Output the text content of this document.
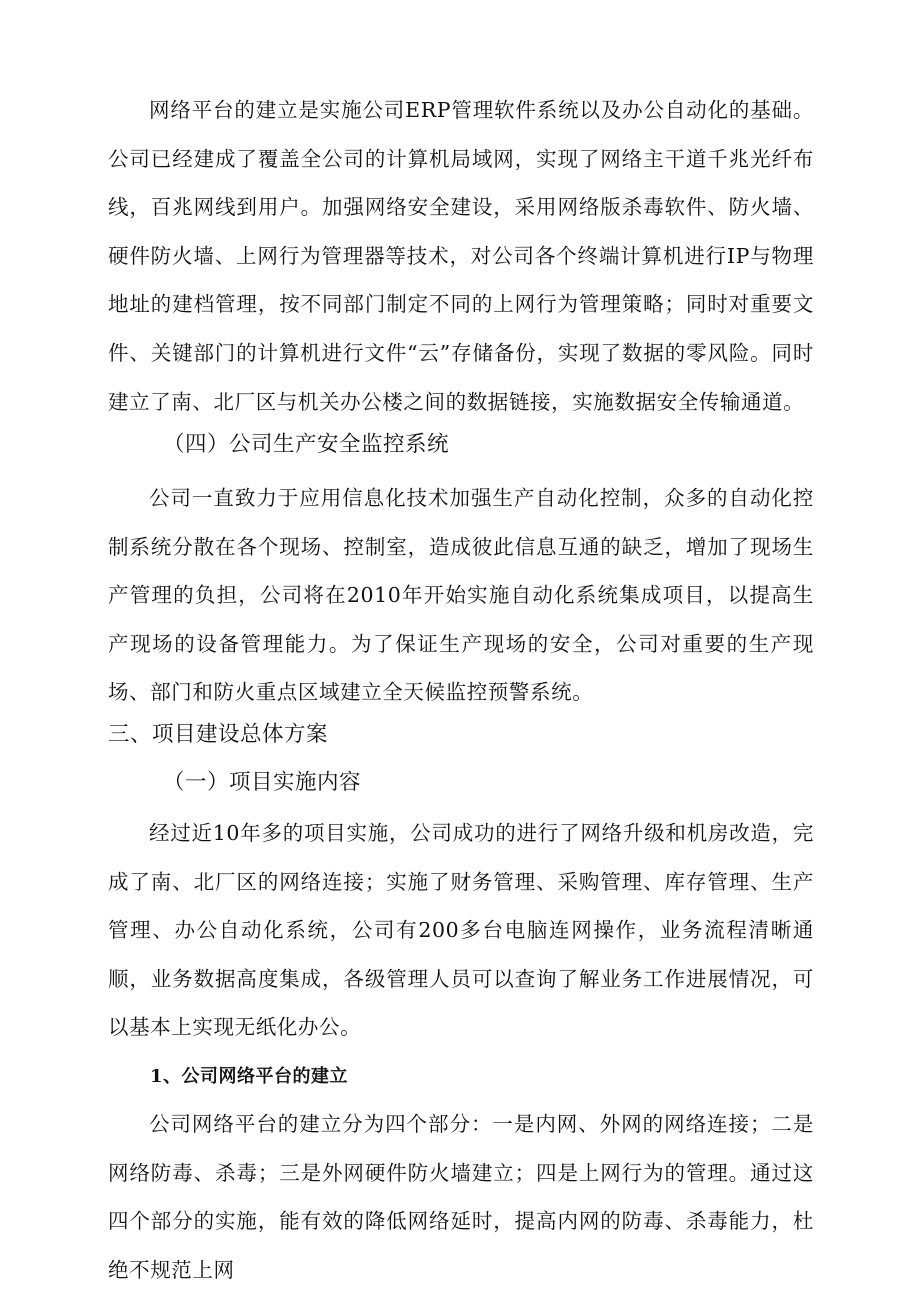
网络平台的建立是实施公司ERP管理软件系统以及办公自动化的基础。公司已经建成了覆盖全公司的计算机局域网，实现了网络主干道千兆光纤布线，百兆网线到用户。加强网络安全建设，采用网络版杀毒软件、防火墙、硬件防火墙、上网行为管理器等技术，对公司各个终端计算机进行IP与物理地址的建档管理，按不同部门制定不同的上网行为管理策略；同时对重要文件、关键部门的计算机进行文件“云”存储备份，实现了数据的零风险。同时建立了南、北厂区与机关办公楼之间的数据链接，实施数据安全传输通道。

（四）公司生产安全监控系统

公司一直致力于应用信息化技术加强生产自动化控制，众多的自动化控制系统分散在各个现场、控制室，造成彼此信息互通的缺乏，增加了现场生产管理的负担，公司将在2010年开始实施自动化系统集成项目，以提高生产现场的设备管理能力。为了保证生产现场的安全，公司对重要的生产现场、部门和防火重点区域建立全天候监控预警系统。

三、项目建设总体方案
（一）项目实施内容

经过近10年多的项目实施，公司成功的进行了网络升级和机房改造，完成了南、北厂区的网络连接；实施了财务管理、采购管理、库存管理、生产管理、办公自动化系统，公司有200多台电脑连网操作，业务流程清晰通顺，业务数据高度集成，各级管理人员可以查询了解业务工作进展情况，可以基本上实现无纸化办公。

1、公司网络平台的建立

公司网络平台的建立分为四个部分：一是内网、外网的网络连接；二是网络防毒、杀毒；三是外网硬件防火墙建立；四是上网行为的管理。通过这四个部分的实施，能有效的降低网络延时，提高内网的防毒、杀毒能力，杜绝不规范上网
